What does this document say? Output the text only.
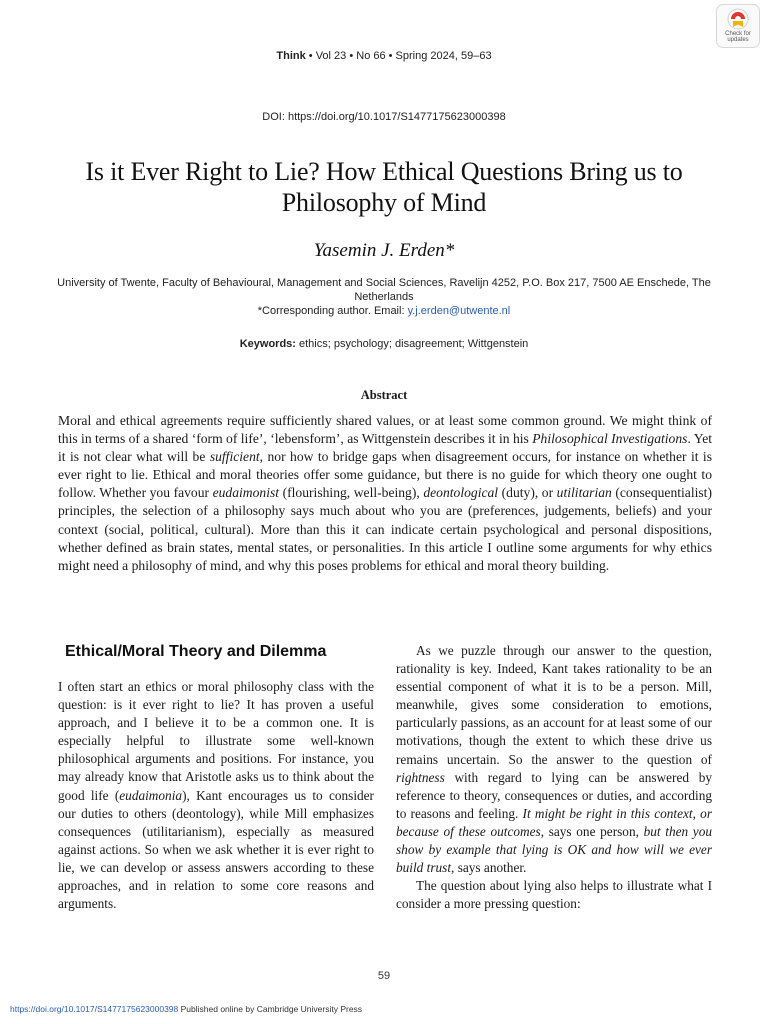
Check for updates
Think • Vol 23 • No 66 • Spring 2024, 59–63
DOI: https://doi.org/10.1017/S1477175623000398
Is it Ever Right to Lie? How Ethical Questions Bring us to Philosophy of Mind
Yasemin J. Erden*
University of Twente, Faculty of Behavioural, Management and Social Sciences, Ravelijn 4252, P.O. Box 217, 7500 AE Enschede, The Netherlands
*Corresponding author. Email: y.j.erden@utwente.nl
Keywords: ethics; psychology; disagreement; Wittgenstein
Abstract
Moral and ethical agreements require sufficiently shared values, or at least some common ground. We might think of this in terms of a shared ‘form of life’, ‘lebensform’, as Wittgenstein describes it in his Philosophical Investigations. Yet it is not clear what will be sufficient, nor how to bridge gaps when disagreement occurs, for instance on whether it is ever right to lie. Ethical and moral theories offer some guidance, but there is no guide for which theory one ought to follow. Whether you favour eudaimonist (flourishing, well-being), deontological (duty), or utilitarian (consequentialist) principles, the selection of a philosophy says much about who you are (preferences, judgements, beliefs) and your context (social, political, cultural). More than this it can indicate certain psychological and personal dispositions, whether defined as brain states, mental states, or personalities. In this article I outline some arguments for why ethics might need a philosophy of mind, and why this poses problems for ethical and moral theory building.
Ethical/Moral Theory and Dilemma

I often start an ethics or moral philosophy class with the question: is it ever right to lie? It has proven a useful approach, and I believe it to be a common one. It is especially helpful to illustrate some well-known philosophical arguments and positions. For instance, you may already know that Aristotle asks us to think about the good life (eudaimonia), Kant encourages us to consider our duties to others (deontology), while Mill emphasizes consequences (utilitarianism), especially as measured against actions. So when we ask whether it is ever right to lie, we can develop or assess answers according to these approaches, and in relation to some core reasons and arguments.

As we puzzle through our answer to the question, rationality is key. Indeed, Kant takes rationality to be an essential component of what it is to be a person. Mill, meanwhile, gives some consideration to emotions, particularly passions, as an account for at least some of our motivations, though the extent to which these drive us remains uncertain. So the answer to the question of rightness with regard to lying can be answered by reference to theory, consequences or duties, and according to reasons and feeling. It might be right in this context, or because of these outcomes, says one person, but then you show by example that lying is OK and how will we ever build trust, says another.

The question about lying also helps to illustrate what I consider a more pressing question:

59
https://doi.org/10.1017/S1477175623000398 Published online by Cambridge University Press
